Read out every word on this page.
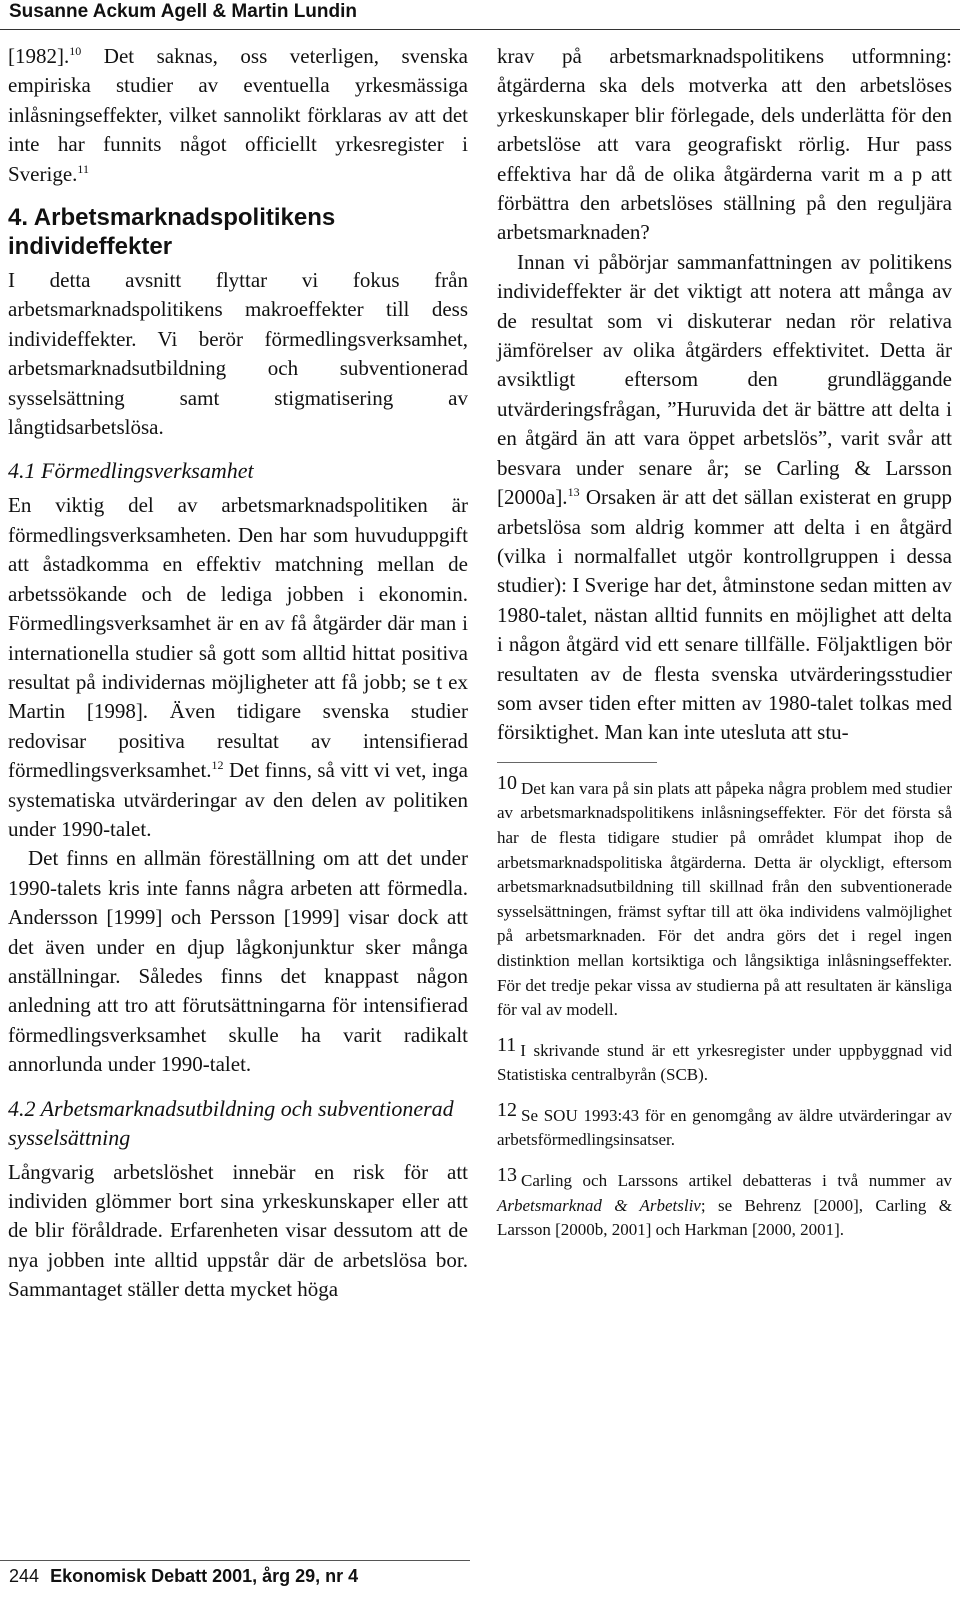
Susanne Ackum Agell & Martin Lundin

[1982].$^{10}$ Det saknas, oss veterligen, svenska empiriska studier av eventuella yrkesmässiga inlåsningseffekter, vilket sannolikt förklaras av att det inte har funnits något officiellt yrkesregister i Sverige.$^{11}$

4. Arbetsmarknadspolitikens individeffekter

I detta avsnitt flyttar vi fokus från arbetsmarknadspolitikens makroeffekter till dess individeffekter. Vi berör förmedlingsverksamhet, arbetsmarknadsutbildning och subventionerad sysselsättning samt stigmatisering av långtidsarbetslösa.

4.1 Förmedlingsverksamhet

En viktig del av arbetsmarknadspolitiken är förmedlingsverksamheten. Den har som huvuduppgift att åstadkomma en effektiv matchning mellan de arbetssökande och de lediga jobben i ekonomin. Förmedlingsverksamhet är en av få åtgärder där man i internationella studier så gott som alltid hittat positiva resultat på individernas möjligheter att få jobb; se t ex Martin [1998]. Även tidigare svenska studier redovisar positiva resultat av intensifierad förmedlingsverksamhet.$^{12}$ Det finns, så vitt vi vet, inga systematiska utvärderingar av den delen av politiken under 1990-talet.

Det finns en allmän föreställning om att det under 1990-talets kris inte fanns några arbeten att förmedla. Andersson [1999] och Persson [1999] visar dock att det även under en djup lågkonjunktur sker många anställningar. Således finns det knappast någon anledning att tro att förutsättningarna för intensifierad förmedlingsverksamhet skulle ha varit radikalt annorlunda under 1990-talet.

4.2 Arbetsmarknadsutbildning och subventionerad sysselsättning

Långvarig arbetslöshet innebär en risk för att individen glömmer bort sina yrkeskunskaper eller att de blir föråldrade. Erfarenheten visar dessutom att de nya jobben inte alltid uppstår där de arbetslösa bor. Sammantaget ställer detta mycket höga

krav på arbetsmarknadspolitikens utformning: åtgärderna ska dels motverka att den arbetslöses yrkeskunskaper blir förlegade, dels underlätta för den arbetslöse att vara geografiskt rörlig. Hur pass effektiva har då de olika åtgärderna varit m a p att förbättra den arbetslöses ställning på den reguljära arbetsmarknaden?

Innan vi påbörjar sammanfattningen av politikens individeffekter är det viktigt att notera att många av de resultat som vi diskuterar nedan rör relativa jämförelser av olika åtgärders effektivitet. Detta är avsiktligt eftersom den grundläggande utvärderingsfrågan, ”Huruvida det är bättre att delta i en åtgärd än att vara öppet arbetslös”, varit svår att besvara under senare år; se Carling & Larsson [2000a].$^{13}$ Orsaken är att det sällan existerat en grupp arbetslösa som aldrig kommer att delta i en åtgärd (vilka i normalfallet utgör kontrollgruppen i dessa studier): I Sverige har det, åtminstone sedan mitten av 1980-talet, nästan alltid funnits en möjlighet att delta i någon åtgärd vid ett senare tillfälle. Följaktligen bör resultaten av de flesta svenska utvärderingsstudier som avser tiden efter mitten av 1980-talet tolkas med försiktighet. Man kan inte utesluta att stu-

10 Det kan vara på sin plats att påpeka några problem med studier av arbetsmarknadspolitikens inlåsningseffekter. För det första så har de flesta tidigare studier på området klumpat ihop de arbetsmarknadspolitiska åtgärderna. Detta är olyckligt, eftersom arbetsmarknadsutbildning till skillnad från den subventionerade sysselsättningen, främst syftar till att öka individens valmöjlighet på arbetsmarknaden. För det andra görs det i regel ingen distinktion mellan kortsiktiga och långsiktiga inlåsningseffekter. För det tredje pekar vissa av studierna på att resultaten är känsliga för val av modell.

11 I skrivande stund är ett yrkesregister under uppbyggnad vid Statistiska centralbyrån (SCB).

12 Se SOU 1993:43 för en genomgång av äldre utvärderingar av arbetsförmedlingsinsatser.

13 Carling och Larssons artikel debatteras i två nummer av Arbetsmarknad & Arbetsliv; se Behrenz [2000], Carling & Larsson [2000b, 2001] och Harkman [2000, 2001].

244 Ekonomisk Debatt 2001, årg 29, nr 4
